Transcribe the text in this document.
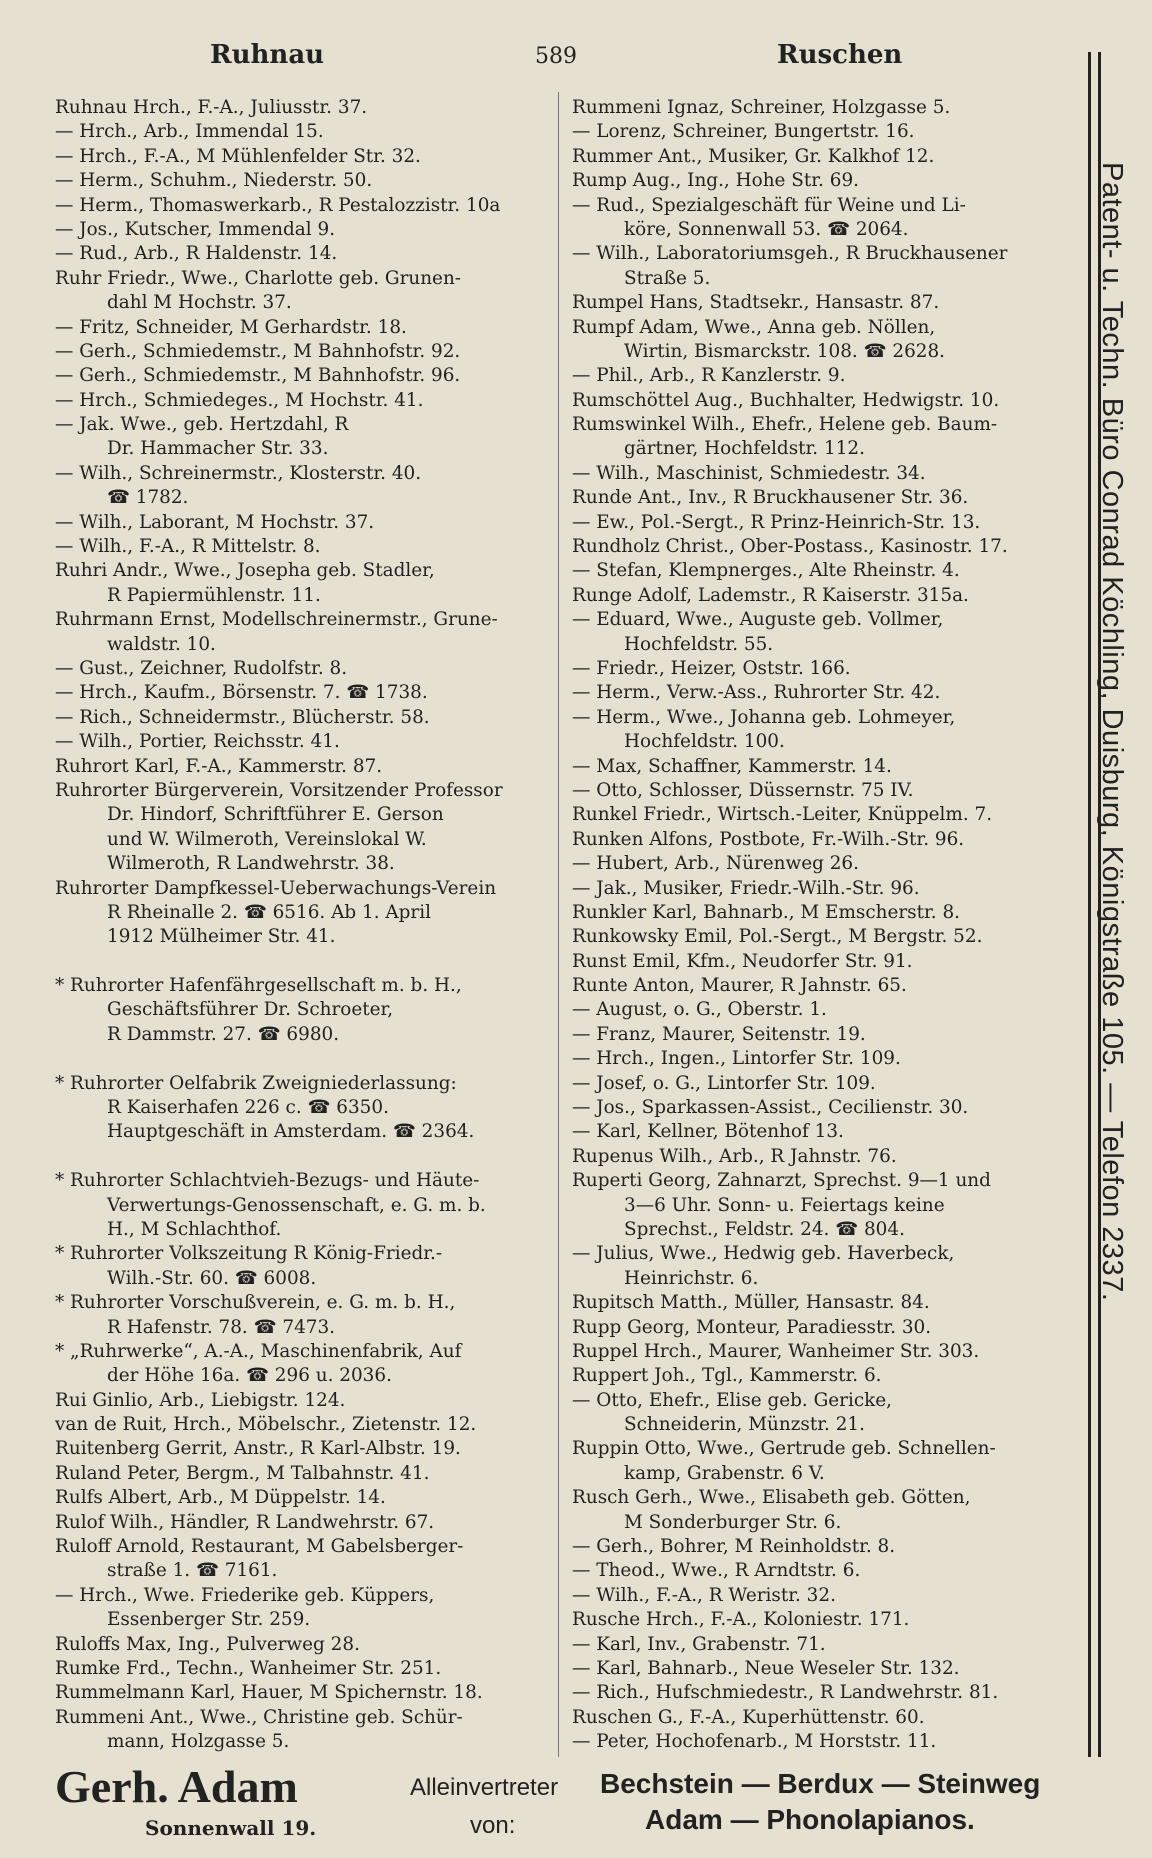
Ruhnau	589	Ruschen
Ruhnau Hrch., F.-A., Juliusstr. 37.
— Hrch., Arb., Immendal 15.
— Hrch., F.-A., M Mühlenfelder Str. 32.
— Herm., Schuhm., Niederstr. 50.
— Herm., Thomaswerkarb., R Pestalozzistr. 10a
— Jos., Kutscher, Immendal 9.
— Rud., Arb., R Haldenstr. 14.
Ruhr Friedr., Wwe., Charlotte geb. Grunen-
dahl M Hochstr. 37.
— Fritz, Schneider, M Gerhardstr. 18.
— Gerh., Schmiedemstr., M Bahnhofstr. 92.
— Gerh., Schmiedemstr., M Bahnhofstr. 96.
— Hrch., Schmiedeges., M Hochstr. 41.
— Jak. Wwe., geb. Hertzdahl, R
Dr. Hammacher Str. 33.
— Wilh., Schreinermstr., Klosterstr. 40.
☎ 1782.
— Wilh., Laborant, M Hochstr. 37.
— Wilh., F.-A., R Mittelstr. 8.
Ruhri Andr., Wwe., Josepha geb. Stadler,
R Papiermühlenstr. 11.
Ruhrmann Ernst, Modellschreinermstr., Grune-
waldstr. 10.
— Gust., Zeichner, Rudolfstr. 8.
— Hrch., Kaufm., Börsenstr. 7. ☎ 1738.
— Rich., Schneidermstr., Blücherstr. 58.
— Wilh., Portier, Reichsstr. 41.
Ruhrort Karl, F.-A., Kammerstr. 87.
Ruhrorter Bürgerverein, Vorsitzender Professor
Dr. Hindorf, Schriftführer E. Gerson
und W. Wilmeroth, Vereinslokal W.
Wilmeroth, R Landwehrstr. 38.
Ruhrorter Dampfkessel-Ueberwachungs-Verein
R Rheinalle 2. ☎ 6516. Ab 1. April
1912 Mülheimer Str. 41.
* Ruhrorter Hafenfährgesellschaft m. b. H.,
Geschäftsführer Dr. Schroeter,
R Dammstr. 27. ☎ 6980.
* Ruhrorter Oelfabrik Zweigniederlassung:
R Kaiserhafen 226 c. ☎ 6350.
Hauptgeschäft in Amsterdam. ☎ 2364.
* Ruhrorter Schlachtvieh-Bezugs- und Häute-
Verwertungs-Genossenschaft, e. G. m. b.
H., M Schlachthof.
* Ruhrorter Volkszeitung R König-Friedr.-
Wilh.-Str. 60. ☎ 6008.
* Ruhrorter Vorschußverein, e. G. m. b. H.,
R Hafenstr. 78. ☎ 7473.
* „Ruhrwerke“, A.-A., Maschinenfabrik, Auf
der Höhe 16a. ☎ 296 u. 2036.
Rui Ginlio, Arb., Liebigstr. 124.
van de Ruit, Hrch., Möbelschr., Zietenstr. 12.
Ruitenberg Gerrit, Anstr., R Karl-Albstr. 19.
Ruland Peter, Bergm., M Talbahnstr. 41.
Rulfs Albert, Arb., M Düppelstr. 14.
Rulof Wilh., Händler, R Landwehrstr. 67.
Ruloff Arnold, Restaurant, M Gabelsberger-
straße 1. ☎ 7161.
— Hrch., Wwe. Friederike geb. Küppers,
Essenberger Str. 259.
Ruloffs Max, Ing., Pulverweg 28.
Rumke Frd., Techn., Wanheimer Str. 251.
Rummelmann Karl, Hauer, M Spichernstr. 18.
Rummeni Ant., Wwe., Christine geb. Schür-
mann, Holzgasse 5.
Rummeni Ignaz, Schreiner, Holzgasse 5.
— Lorenz, Schreiner, Bungertstr. 16.
Rummer Ant., Musiker, Gr. Kalkhof 12.
Rump Aug., Ing., Hohe Str. 69.
— Rud., Spezialgeschäft für Weine und Li-
köre, Sonnenwall 53. ☎ 2064.
— Wilh., Laboratoriumsgeh., R Bruckhausener
Straße 5.
Rumpel Hans, Stadtsekr., Hansastr. 87.
Rumpf Adam, Wwe., Anna geb. Nöllen,
Wirtin, Bismarckstr. 108. ☎ 2628.
— Phil., Arb., R Kanzlerstr. 9.
Rumschöttel Aug., Buchhalter, Hedwigstr. 10.
Rumswinkel Wilh., Ehefr., Helene geb. Baum-
gärtner, Hochfeldstr. 112.
— Wilh., Maschinist, Schmiedestr. 34.
Runde Ant., Inv., R Bruckhausener Str. 36.
— Ew., Pol.-Sergt., R Prinz-Heinrich-Str. 13.
Rundholz Christ., Ober-Postass., Kasinostr. 17.
— Stefan, Klempnerges., Alte Rheinstr. 4.
Runge Adolf, Lademstr., R Kaiserstr. 315a.
— Eduard, Wwe., Auguste geb. Vollmer,
Hochfeldstr. 55.
— Friedr., Heizer, Oststr. 166.
— Herm., Verw.-Ass., Ruhrorter Str. 42.
— Herm., Wwe., Johanna geb. Lohmeyer,
Hochfeldstr. 100.
— Max, Schaffner, Kammerstr. 14.
— Otto, Schlosser, Düssernstr. 75 IV.
Runkel Friedr., Wirtsch.-Leiter, Knüppelm. 7.
Runken Alfons, Postbote, Fr.-Wilh.-Str. 96.
— Hubert, Arb., Nürenweg 26.
— Jak., Musiker, Friedr.-Wilh.-Str. 96.
Runkler Karl, Bahnarb., M Emscherstr. 8.
Runkowsky Emil, Pol.-Sergt., M Bergstr. 52.
Runst Emil, Kfm., Neudorfer Str. 91.
Runte Anton, Maurer, R Jahnstr. 65.
— August, o. G., Oberstr. 1.
— Franz, Maurer, Seitenstr. 19.
— Hrch., Ingen., Lintorfer Str. 109.
— Josef, o. G., Lintorfer Str. 109.
— Jos., Sparkassen-Assist., Cecilienstr. 30.
— Karl, Kellner, Bötenhof 13.
Rupenus Wilh., Arb., R Jahnstr. 76.
Ruperti Georg, Zahnarzt, Sprechst. 9—1 und
3—6 Uhr. Sonn- u. Feiertags keine
Sprechst., Feldstr. 24. ☎ 804.
— Julius, Wwe., Hedwig geb. Haverbeck,
Heinrichstr. 6.
Rupitsch Matth., Müller, Hansastr. 84.
Rupp Georg, Monteur, Paradiesstr. 30.
Ruppel Hrch., Maurer, Wanheimer Str. 303.
Ruppert Joh., Tgl., Kammerstr. 6.
— Otto, Ehefr., Elise geb. Gericke,
Schneiderin, Münzstr. 21.
Ruppin Otto, Wwe., Gertrude geb. Schnellen-
kamp, Grabenstr. 6 V.
Rusch Gerh., Wwe., Elisabeth geb. Götten,
M Sonderburger Str. 6.
— Gerh., Bohrer, M Reinholdstr. 8.
— Theod., Wwe., R Arndtstr. 6.
— Wilh., F.-A., R Weristr. 32.
Rusche Hrch., F.-A., Koloniestr. 171.
— Karl, Inv., Grabenstr. 71.
— Karl, Bahnarb., Neue Weseler Str. 132.
— Rich., Hufschmiedestr., R Landwehrstr. 81.
Ruschen G., F.-A., Kuperhüttenstr. 60.
— Peter, Hochofenarb., M Horststr. 11.
Patent- u. Techn. Büro Conrad Köchling, Duisburg, Königstraße 105. — Telefon 2337.
Gerh. Adam
Sonnenwall 19.
Alleinvertreter
von:
Bechstein — Berdux — Steinweg
Adam — Phonolapianos.
